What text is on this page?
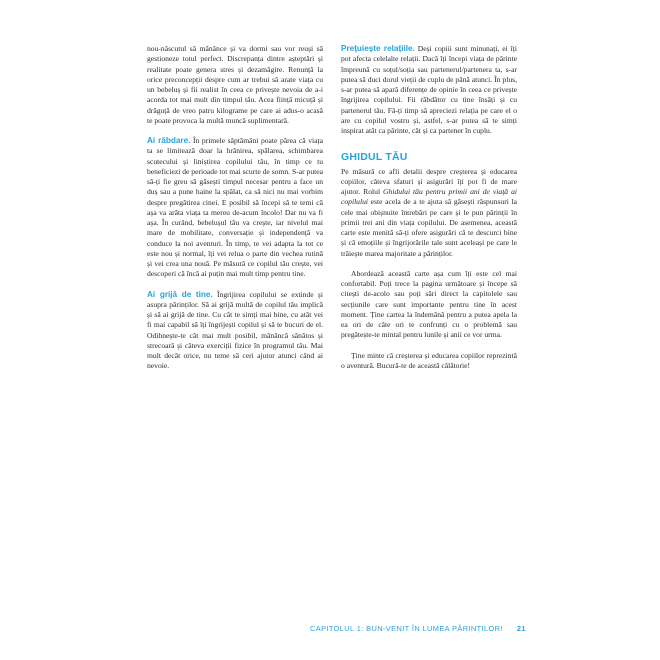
nou-născutul să mănânce și va dormi sau vor reuși să gestioneze totul perfect. Discrepanța dintre așteptări și realitate poate genera stres și dezamăgire. Renunță la orice preconcepții despre cum ar trebui să arate viața cu un bebeluș și fii realist în ceea ce privește nevoia de a-i acorda tot mai mult din timpul tău. Acea ființă micuță și drăguță de vreo patru kilograme pe care ai adus-o acasă te poate provoca la multă muncă suplimentară.

Ai răbdare. În primele săptămâni poate părea că viața ta se limitează doar la hrănirea, spălarea, schimbarea scutecului și liniștirea copilului tău, în timp ce tu beneficiezi de perioade tot mai scurte de somn. S-ar putea să-ți fie greu să găsești timpul necesar pentru a face un duș sau a pune haine la spălat, ca să nici nu mai vorbim despre pregătirea cinei. E posibil să începi să te temi că așa va arăta viața ta mereu de-acum încolo! Dar nu va fi așa. În curând, bebelușul tău va crește, iar nivelul mai mare de mobilitate, conversație și independență va conduce la noi aventuri. În timp, te vei adapta la tot ce este nou și normal, îți vei relua o parte din vechea rutină și vei crea una nouă. Pe măsură ce copilul tău crește, vei descoperi că încă ai puțin mai mult timp pentru tine.

Ai grijă de tine. Îngrijirea copilului se extinde și asupra părinților. Să ai grijă multă de copilul tău implică și să ai grijă de tine. Cu cât te simți mai bine, cu atât vei fi mai capabil să îți îngrijești copilul și să te bucuri de el. Odihnește-te cât mai mult posibil, mănâncă sănătos și strecoară și câteva exerciții fizice în programul tău. Mai mult decât orice, nu teme să ceri ajutor atunci când ai nevoie.

Prețuiește relațiile. Deși copiii sunt minunați, ei îți pot afecta celelalte relații. Dacă îți începi viața de părinte împreună cu soțul/soția sau partenerul/partenera ta, s-ar putea să duci dorul vieții de cuplu de până atunci. În plus, s-ar putea să apară diferențe de opinie în ceea ce privește îngrijirea copilului. Fii răbdător cu tine însăți și cu partenerul tău. Fă-ți timp să apreciezi relația pe care el o are cu copilul vostru și, astfel, s-ar putea să te simți inspirat atât ca părinte, cât și ca partener în cuplu.

GHIDUL TĂU

Pe măsură ce afli detalii despre creșterea și educarea copiilor, câteva sfaturi și asigurări îți pot fi de mare ajutor. Rolul Ghidului tău pentru primii ani de viață ai copilului este acela de a te ajuta să găsești răspunsuri la cele mai obișnuite întrebări pe care și le pun părinții în primii trei ani din viața copilului. De asemenea, această carte este menită să-ți ofere asigurări că te descurci bine și că emoțiile și îngrijorările tale sunt aceleași pe care le trăiește marea majoritate a părinților.

Abordează această carte așa cum îți este cel mai confortabil. Poți trece la pagina următoare și începe să citești de-acolo sau poți sări direct la capitolele sau secțiunile care sunt importante pentru tine în acest moment. Ține cartea la îndemână pentru a putea apela la ea ori de câte ori te confrunți cu o problemă sau pregătește-te mintal pentru lunile și anii ce vor urma.

Ține minte că creșterea și educarea copiilor reprezintă o aventură. Bucură-te de această călătorie!

CAPITOLUL 1: BUN-VENIT ÎN LUMEA PĂRINȚILOR! 21
